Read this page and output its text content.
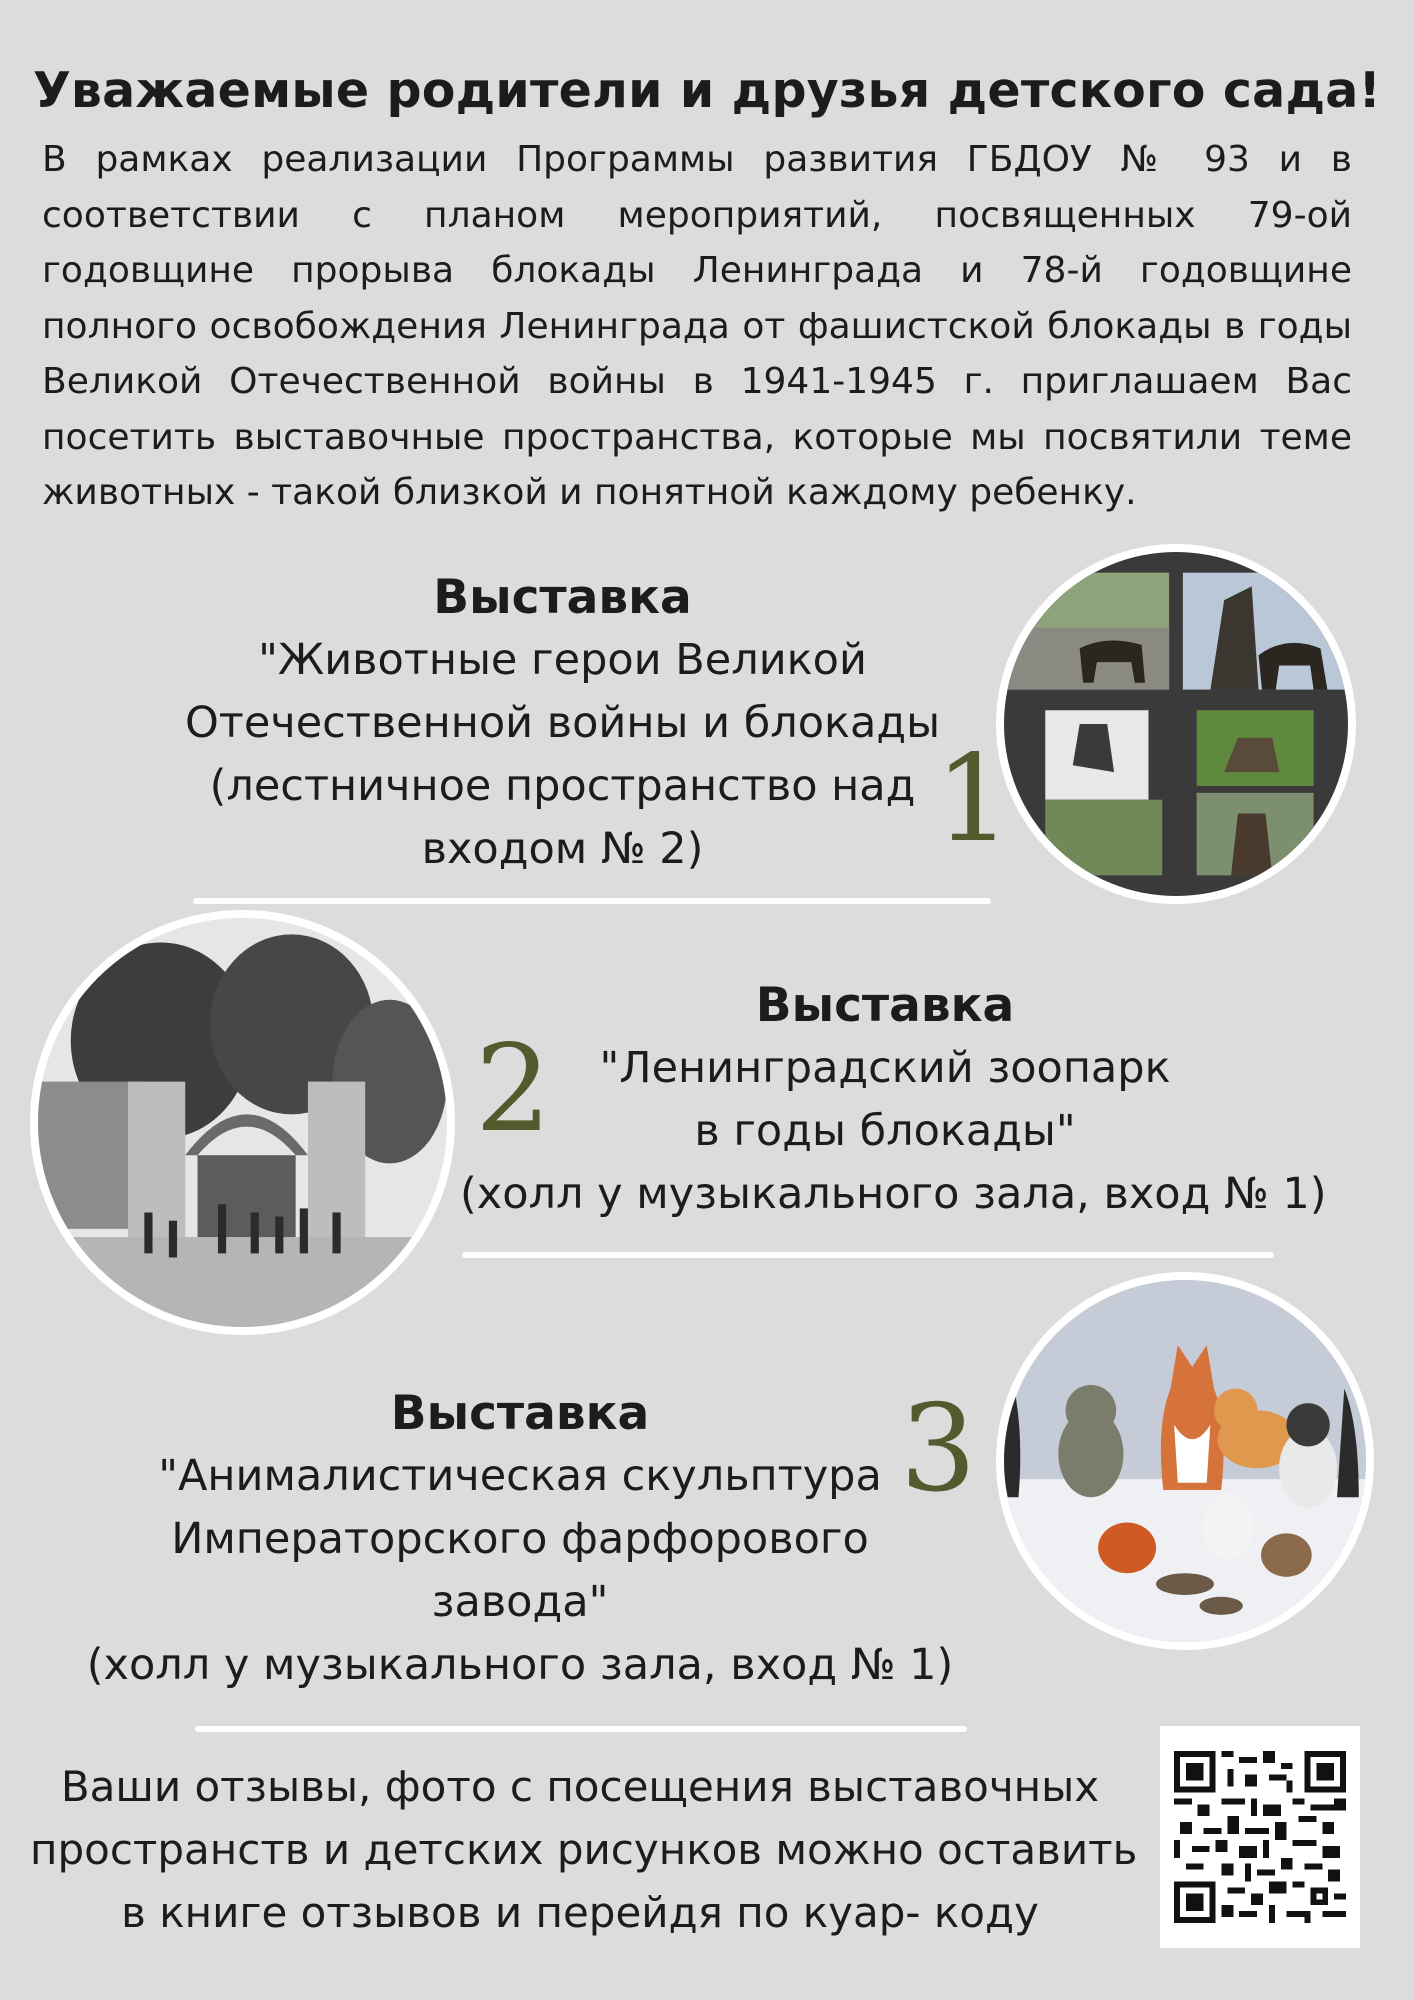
Уважаемые родители и друзья детского сада!

В рамках реализации Программы развития ГБДОУ № 93 и в соответствии с планом мероприятий, посвященных 79-ой годовщине прорыва блокады Ленинграда и 78-й годовщине полного освобождения Ленинграда от фашистской блокады в годы Великой Отечественной войны в 1941-1945 г. приглашаем Вас посетить выставочные пространства, которые мы посвятили теме животных - такой близкой и понятной каждому ребенку.

Выставка
"Животные герои Великой
Отечественной войны и блокады
(лестничное пространство над
входом № 2)	1
2
Выставка
"Ленинградский зоопарк
в годы блокады"
(холл у музыкального зала, вход № 1)
Выставка
"Анималистическая скульптура
Императорского фарфорового
завода"
(холл у музыкального зала, вход № 1)
3
Ваши отзывы, фото с посещения выставочных
пространств и детских рисунков можно оставить
в книге отзывов и перейдя по куар- коду
